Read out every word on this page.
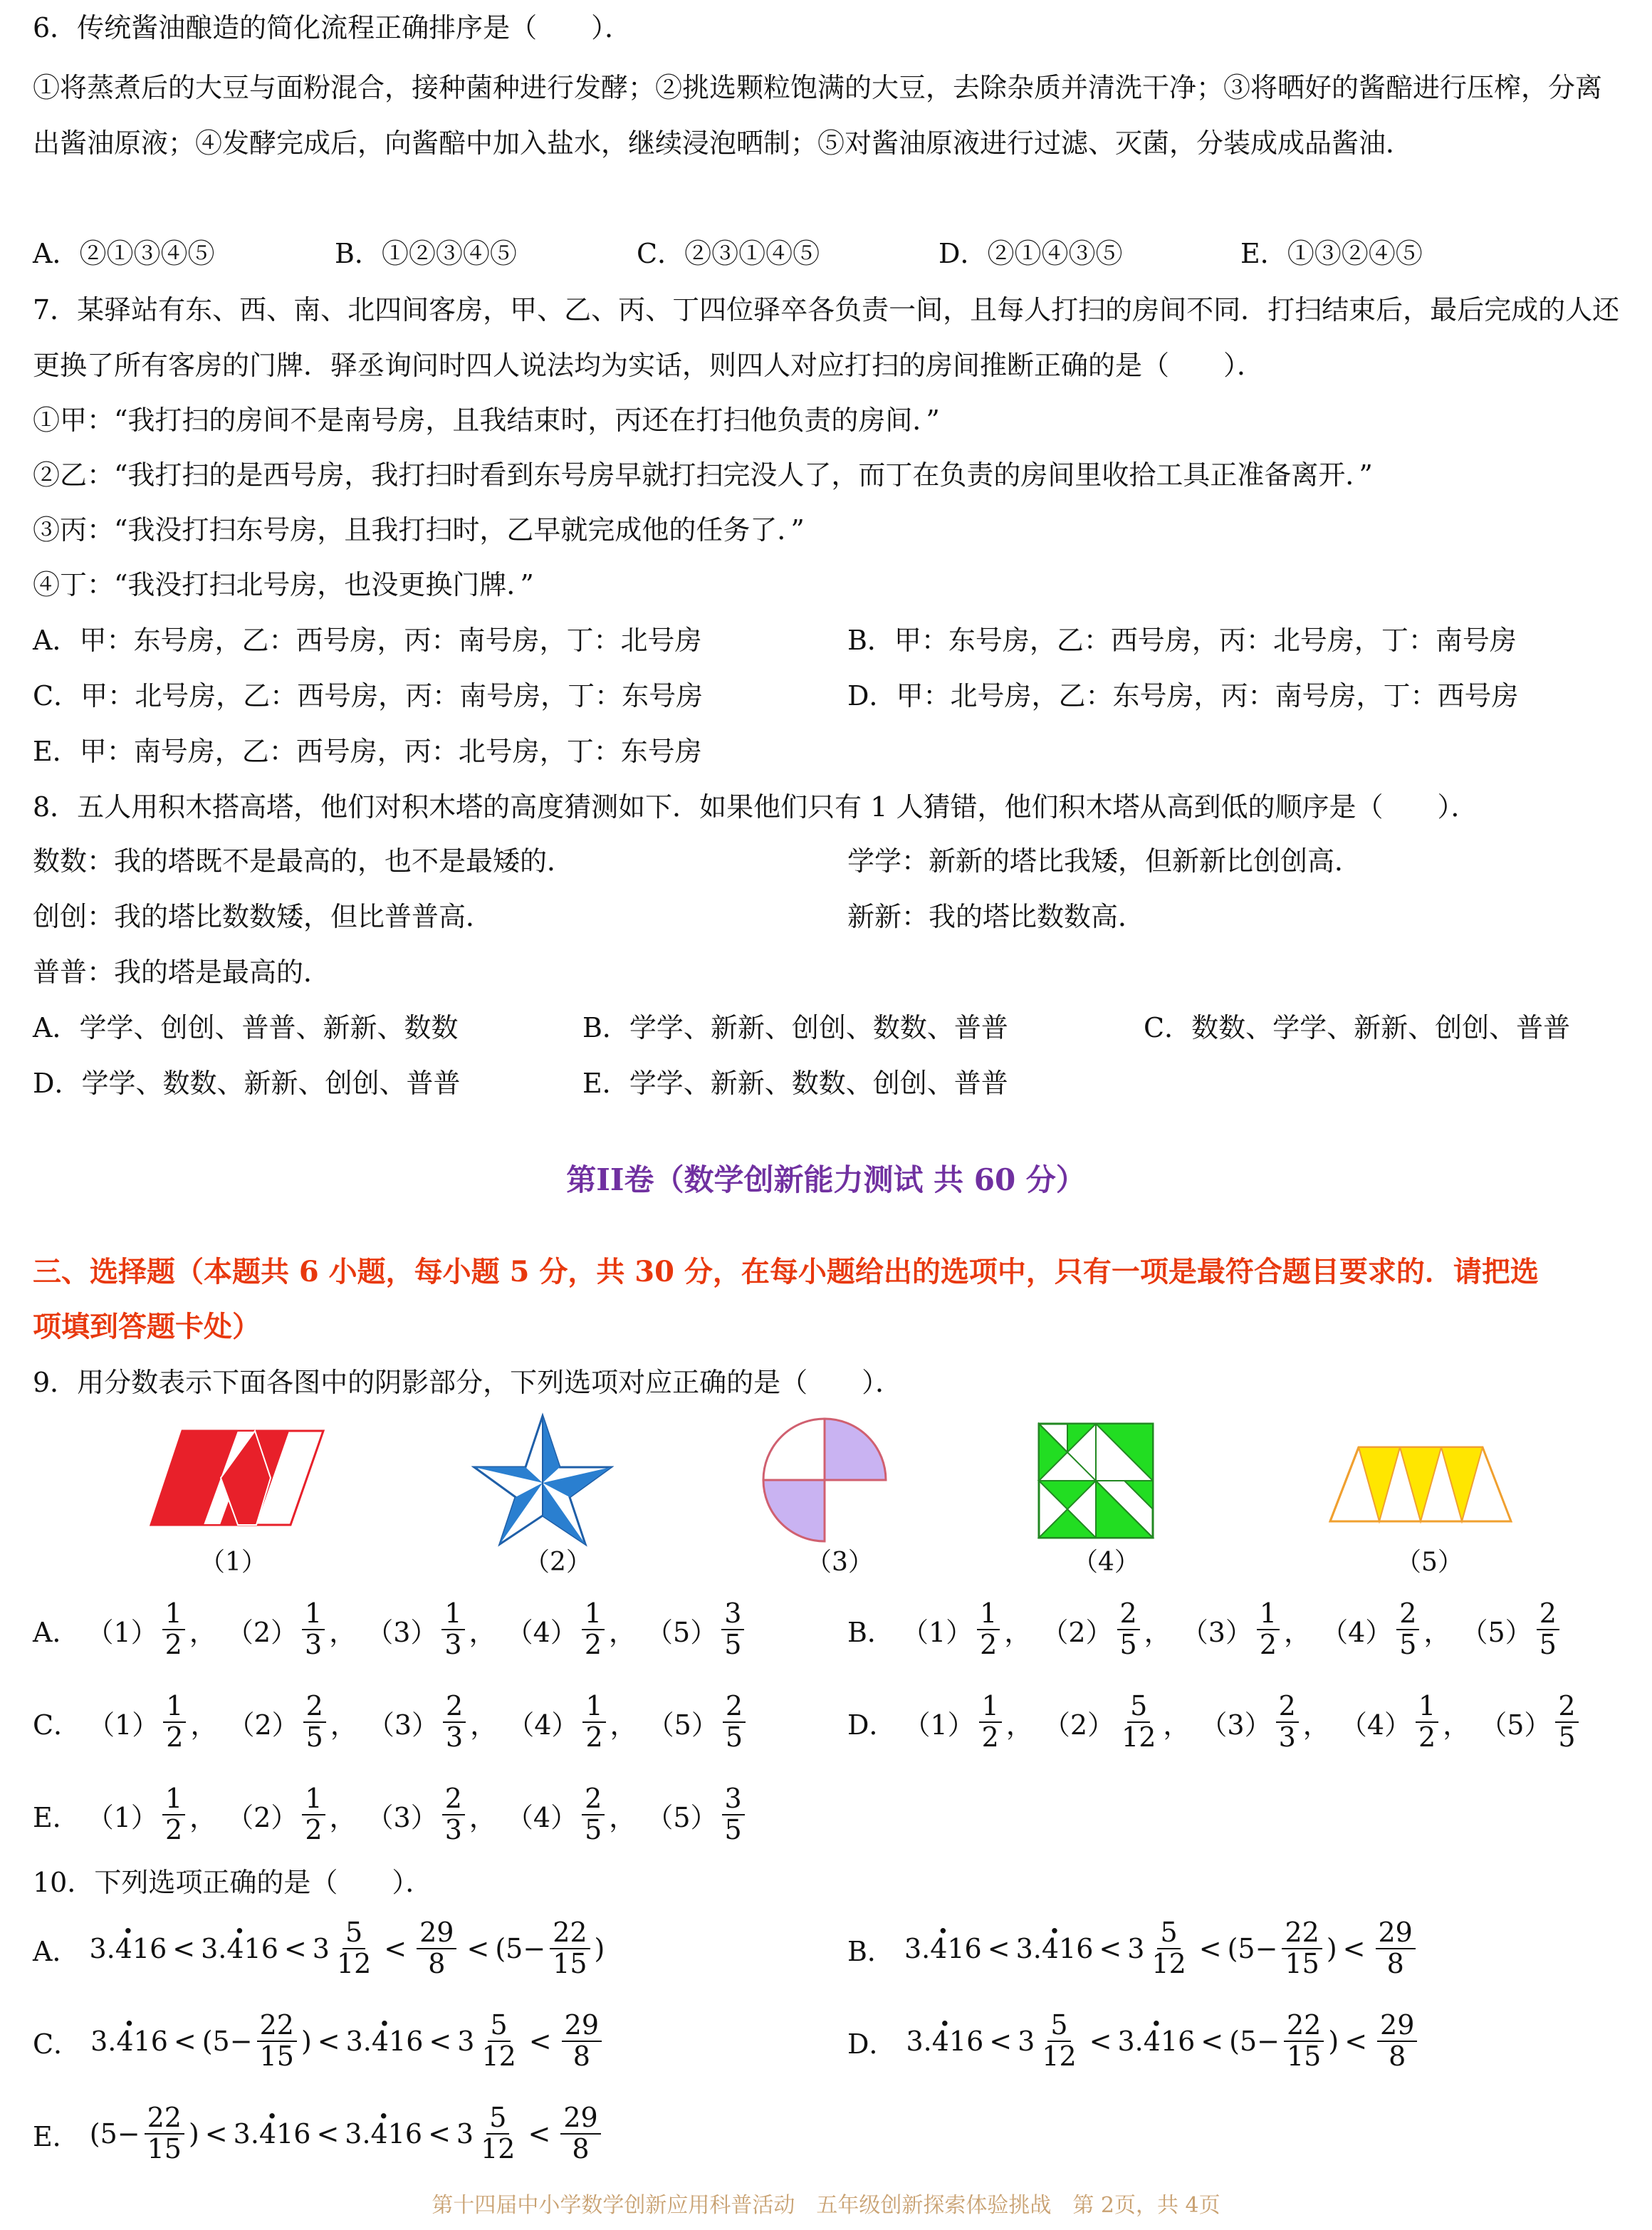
6．传统酱油酿造的简化流程正确排序是（　　）．
①将蒸煮后的大豆与面粉混合，接种菌种进行发酵；②挑选颗粒饱满的大豆，去除杂质并清洗干净；③将晒好的酱醅进行压榨，分离出酱油原液；④发酵完成后，向酱醅中加入盐水，继续浸泡晒制；⑤对酱油原液进行过滤、灭菌，分装成成品酱油．
A．②①③④⑤	B．①②③④⑤	C．②③①④⑤	D．②①④③⑤	E．①③②④⑤
7．某驿站有东、西、南、北四间客房，甲、乙、丙、丁四位驿卒各负责一间，且每人打扫的房间不同．打扫结束后，最后完成的人还更换了所有客房的门牌．驿丞询问时四人说法均为实话，则四人对应打扫的房间推断正确的是（　　）．
①甲：“我打扫的房间不是南号房，且我结束时，丙还在打扫他负责的房间．”
②乙：“我打扫的是西号房，我打扫时看到东号房早就打扫完没人了，而丁在负责的房间里收拾工具正准备离开．”
③丙：“我没打扫东号房，且我打扫时，乙早就完成他的任务了．”
④丁：“我没打扫北号房，也没更换门牌．”
A．甲：东号房，乙：西号房，丙：南号房，丁：北号房	B．甲：东号房，乙：西号房，丙：北号房，丁：南号房
C．甲：北号房，乙：西号房，丙：南号房，丁：东号房	D．甲：北号房，乙：东号房，丙：南号房，丁：西号房
E．甲：南号房，乙：西号房，丙：北号房，丁：东号房
8．五人用积木搭高塔，他们对积木塔的高度猜测如下．如果他们只有 1 人猜错，他们积木塔从高到低的顺序是（　　）．
数数：我的塔既不是最高的，也不是最矮的．	学学：新新的塔比我矮，但新新比创创高．
创创：我的塔比数数矮，但比普普高．	新新：我的塔比数数高．
普普：我的塔是最高的．
A．学学、创创、普普、新新、数数	B．学学、新新、创创、数数、普普	C．数数、学学、新新、创创、普普
D．学学、数数、新新、创创、普普	E．学学、新新、数数、创创、普普
第II卷（数学创新能力测试 共 60 分）
三、选择题（本题共 6 小题，每小题 5 分，共 30 分，在每小题给出的选项中，只有一项是最符合题目要求的．请把选
项填到答题卡处）
9．用分数表示下面各图中的阴影部分，下列选项对应正确的是（　　）．
（1）	（2）	（3）	（4）	（5）
A． $(1) \frac{1}{2}$ ， $(2) \frac{1}{3}$ ， $(3) \frac{1}{3}$ ， $(4) \frac{1}{2}$ ， $(5) \frac{3}{5}$	B． $(1) \frac{1}{2}$ ， $(2) \frac{2}{5}$ ， $(3) \frac{1}{2}$ ， $(4) \frac{2}{5}$ ， $(5) \frac{2}{5}$
C． $(1) \frac{1}{2}$ ， $(2) \frac{2}{5}$ ， $(3) \frac{2}{3}$ ， $(4) \frac{1}{2}$ ， $(5) \frac{2}{5}$	D． $(1) \frac{1}{2}$ ， $(2) \frac{5}{12}$ ， $(3) \frac{2}{3}$ ， $(4) \frac{1}{2}$ ， $(5) \frac{2}{5}$
E． $(1) \frac{1}{2}$ ， $(2) \frac{1}{2}$ ， $(3) \frac{2}{3}$ ， $(4) \frac{2}{5}$ ， $(5) \frac{3}{5}$
10．下列选项正确的是（　　）．
A． 3.416 · < 3.416 · < $3 \frac{5}{12} < \frac{29}{8} < (5 - \frac{22}{15}$ )	B． 3.416 · < 3.416 · < $3 \frac{5}{12} < (5 - \frac{22}{15}$ ) < $\frac{29}{8}$
C． 3.416 · < ($5 - \frac{22}{15}$ ) < 3.416 · < $3 \frac{5}{12} < \frac{29}{8}$	D． 3.416 · < $3 \frac{5}{12} < 3.416$ · < ($5 - \frac{22}{15}$ ) < $\frac{29}{8}$
E． ($5 - \frac{22}{15}$ ) < 3.416 · < 3.416 · < $3 \frac{5}{12} < \frac{29}{8}$
第十四届中小学数学创新应用科普活动　五年级创新探索体验挑战　第 2页，共 4页
